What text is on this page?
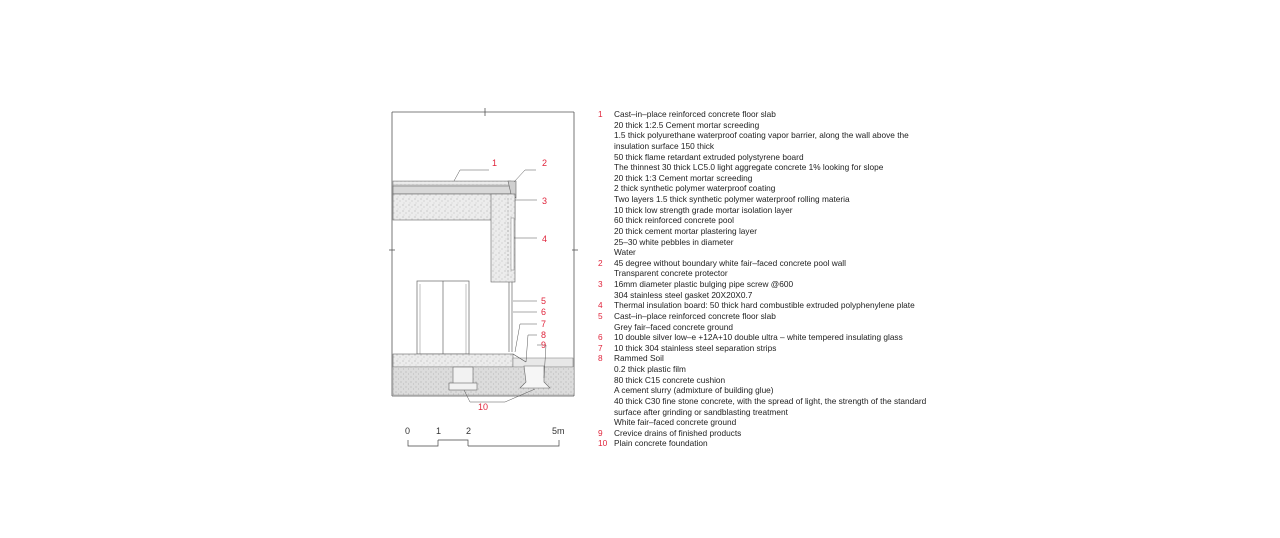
1	2
3
4
5
6
7
8
9
10
0	1	2	5m
1 Cast–in–place reinforced concrete floor slab
20 thick 1:2.5 Cement mortar screeding
1.5 thick polyurethane waterproof coating vapor barrier, along the wall above the
insulation surface 150 thick
50 thick flame retardant extruded polystyrene board
The thinnest 30 thick LC5.0 light aggregate concrete 1% looking for slope
20 thick 1:3 Cement mortar screeding
2 thick synthetic polymer waterproof coating
Two layers 1.5 thick synthetic polymer waterproof rolling materia
10 thick low strength grade mortar isolation layer
60 thick reinforced concrete pool
20 thick cement mortar plastering layer
25–30 white pebbles in diameter
Water
2 45 degree without boundary white fair–faced concrete pool wall
Transparent concrete protector
3 16mm diameter plastic bulging pipe screw @600
304 stainless steel gasket 20X20X0.7
4 Thermal insulation board: 50 thick hard combustible extruded polyphenylene plate
5 Cast–in–place reinforced concrete floor slab
Grey fair–faced concrete ground
6 10 double silver low–e +12A+10 double ultra – white tempered insulating glass
7 10 thick 304 stainless steel separation strips
8 Rammed Soil
0.2 thick plastic film
80 thick C15 concrete cushion
A cement slurry (admixture of building glue)
40 thick C30 fine stone concrete, with the spread of light, the strength of the standard
surface after grinding or sandblasting treatment
White fair–faced concrete ground
9 Crevice drains of finished products
10 Plain concrete foundation
